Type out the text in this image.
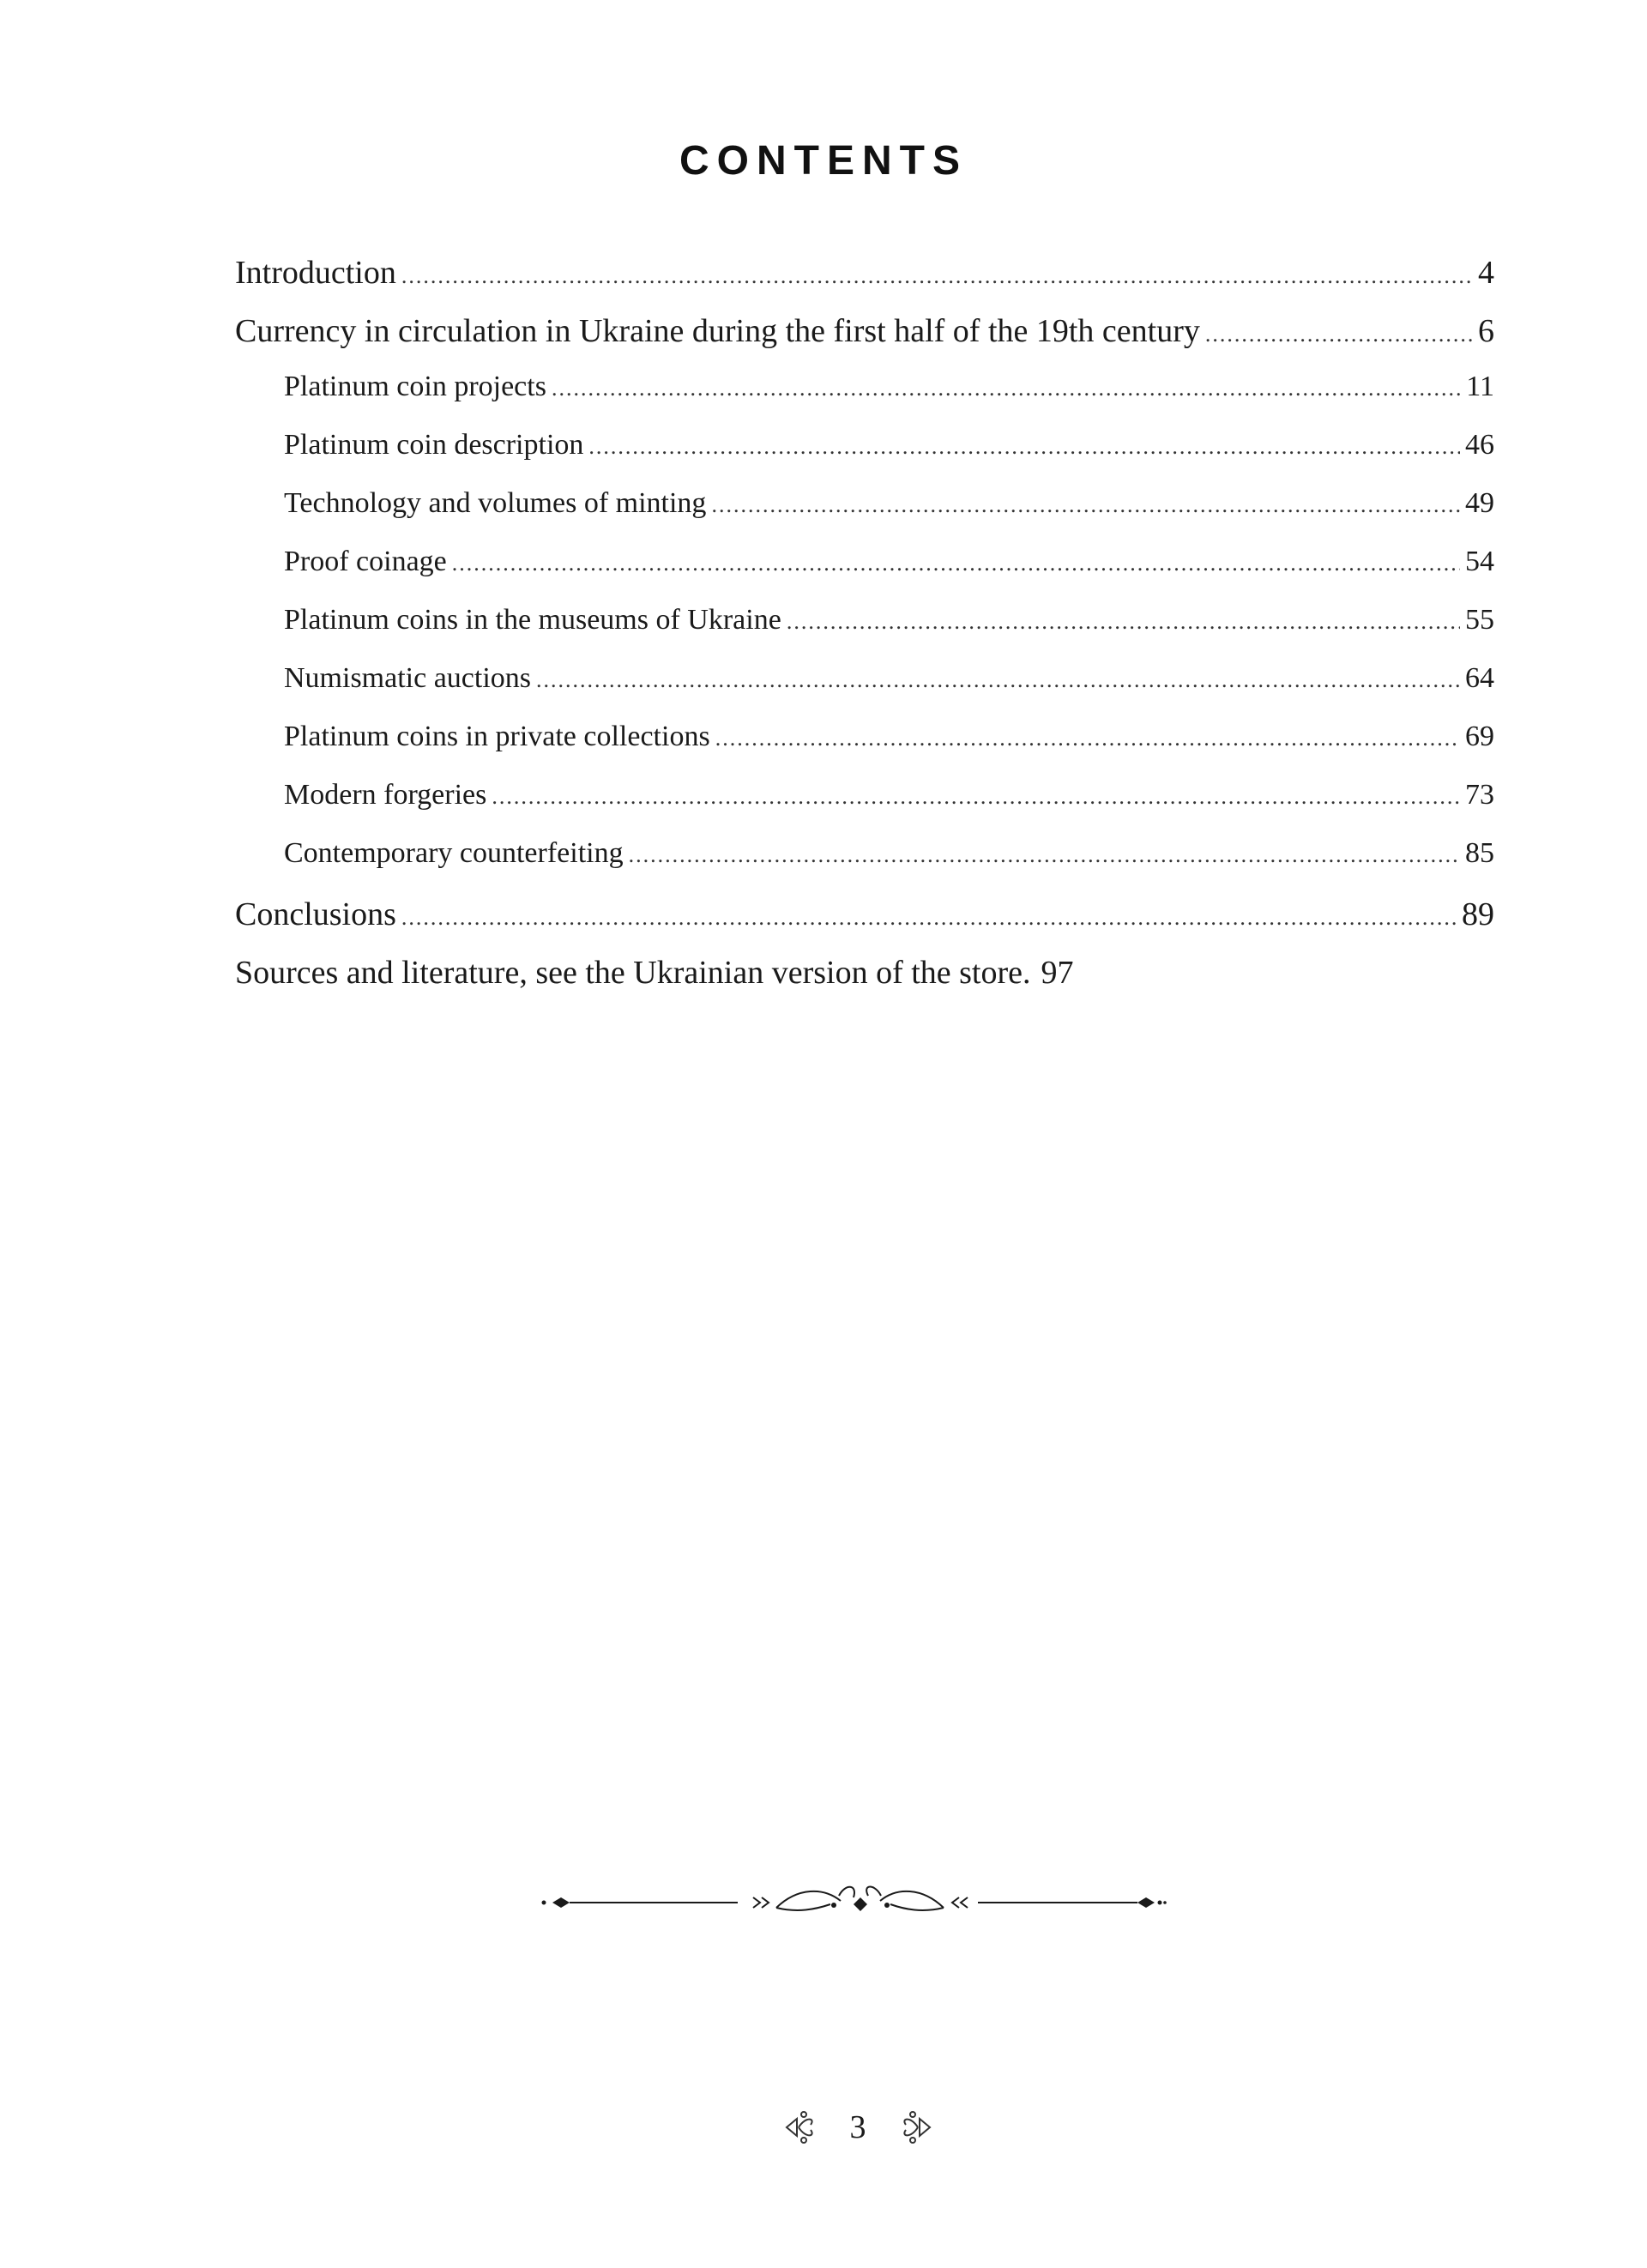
CONTENTS
Introduction .....	4
Currency in circulation in Ukraine during the first half of the 19th century .....	6
Platinum coin projects .....	11
Platinum coin description .....	46
Technology and volumes of minting .....	49
Proof coinage .....	54
Platinum coins in the museums of Ukraine .....	55
Numismatic auctions .....	64
Platinum coins in private collections .....	69
Modern forgeries .....	73
Contemporary counterfeiting .....	85
Conclusions .....	89
Sources and literature, see the Ukrainian version of the store. 97
3
